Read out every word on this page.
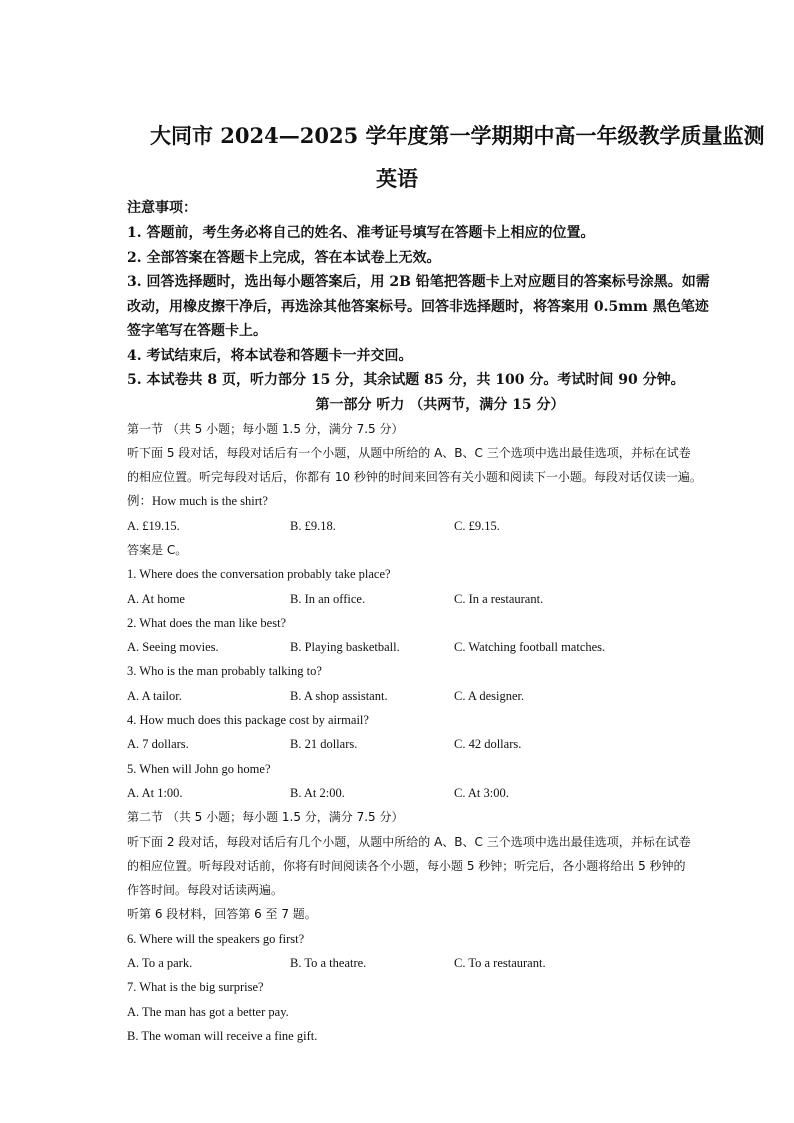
大同市 2024—2025 学年度第一学期期中高一年级教学质量监测
英语
注意事项：
1. 答题前，考生务必将自己的姓名、准考证号填写在答题卡上相应的位置。
2. 全部答案在答题卡上完成，答在本试卷上无效。
3. 回答选择题时，选出每小题答案后，用 2B 铅笔把答题卡上对应题目的答案标号涂黑。如需
改动，用橡皮擦干净后，再选涂其他答案标号。回答非选择题时，将答案用 0.5mm 黑色笔迹
签字笔写在答题卡上。
4. 考试结束后，将本试卷和答题卡一并交回。
5. 本试卷共 8 页，听力部分 15 分，其余试题 85 分，共 100 分。考试时间 90 分钟。
第一部分 听力 （共两节，满分 15 分）
第一节 （共 5 小题；每小题 1.5 分，满分 7.5 分）
听下面 5 段对话，每段对话后有一个小题，从题中所给的 A、B、C 三个选项中选出最佳选项，并标在试卷
的相应位置。听完每段对话后，你都有 10 秒钟的时间来回答有关小题和阅读下一小题。每段对话仅读一遍。
例：How much is the shirt?
A. £19.15.	B. £9.18.	C. £9.15.
答案是 C。
1. Where does the conversation probably take place?
A. At home	B. In an office.	C. In a restaurant.
2. What does the man like best?
A. Seeing movies.	B. Playing basketball.	C. Watching football matches.
3. Who is the man probably talking to?
A. A tailor.	B. A shop assistant.	C. A designer.
4. How much does this package cost by airmail?
A. 7 dollars.	B. 21 dollars.	C. 42 dollars.
5. When will John go home?
A. At 1:00.	B. At 2:00.	C. At 3:00.
第二节 （共 5 小题；每小题 1.5 分，满分 7.5 分）
听下面 2 段对话，每段对话后有几个小题，从题中所给的 A、B、C 三个选项中选出最佳选项，并标在试卷
的相应位置。听每段对话前，你将有时间阅读各个小题，每小题 5 秒钟；听完后，各小题将给出 5 秒钟的
作答时间。每段对话读两遍。
听第 6 段材料，回答第 6 至 7 题。
6. Where will the speakers go first?
A. To a park.	B. To a theatre.	C. To a restaurant.
7. What is the big surprise?
A. The man has got a better pay.
B. The woman will receive a fine gift.
